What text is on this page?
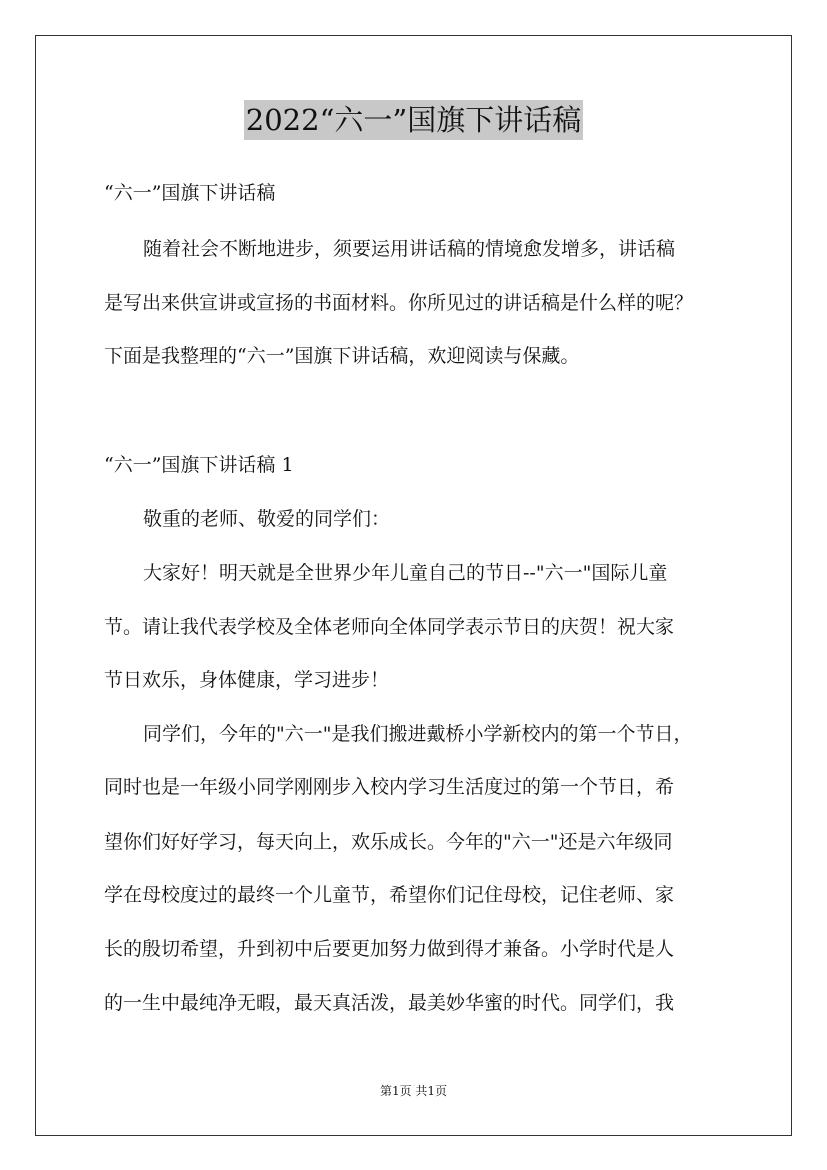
2022“六一”国旗下讲话稿
“六一”国旗下讲话稿
随着社会不断地进步，须要运用讲话稿的情境愈发增多，讲话稿
是写出来供宣讲或宣扬的书面材料。你所见过的讲话稿是什么样的呢？
下面是我整理的“六一”国旗下讲话稿，欢迎阅读与保藏。
“六一”国旗下讲话稿 1
敬重的老师、敬爱的同学们：
大家好！明天就是全世界少年儿童自己的节日--"六一"国际儿童
节。请让我代表学校及全体老师向全体同学表示节日的庆贺！祝大家
节日欢乐，身体健康，学习进步！
同学们，今年的"六一"是我们搬进戴桥小学新校内的第一个节日，
同时也是一年级小同学刚刚步入校内学习生活度过的第一个节日，希
望你们好好学习，每天向上，欢乐成长。今年的"六一"还是六年级同
学在母校度过的最终一个儿童节，希望你们记住母校，记住老师、家
长的殷切希望，升到初中后要更加努力做到得才兼备。小学时代是人
的一生中最纯净无暇，最天真活泼，最美妙华蜜的时代。同学们，我
第1页 共1页
